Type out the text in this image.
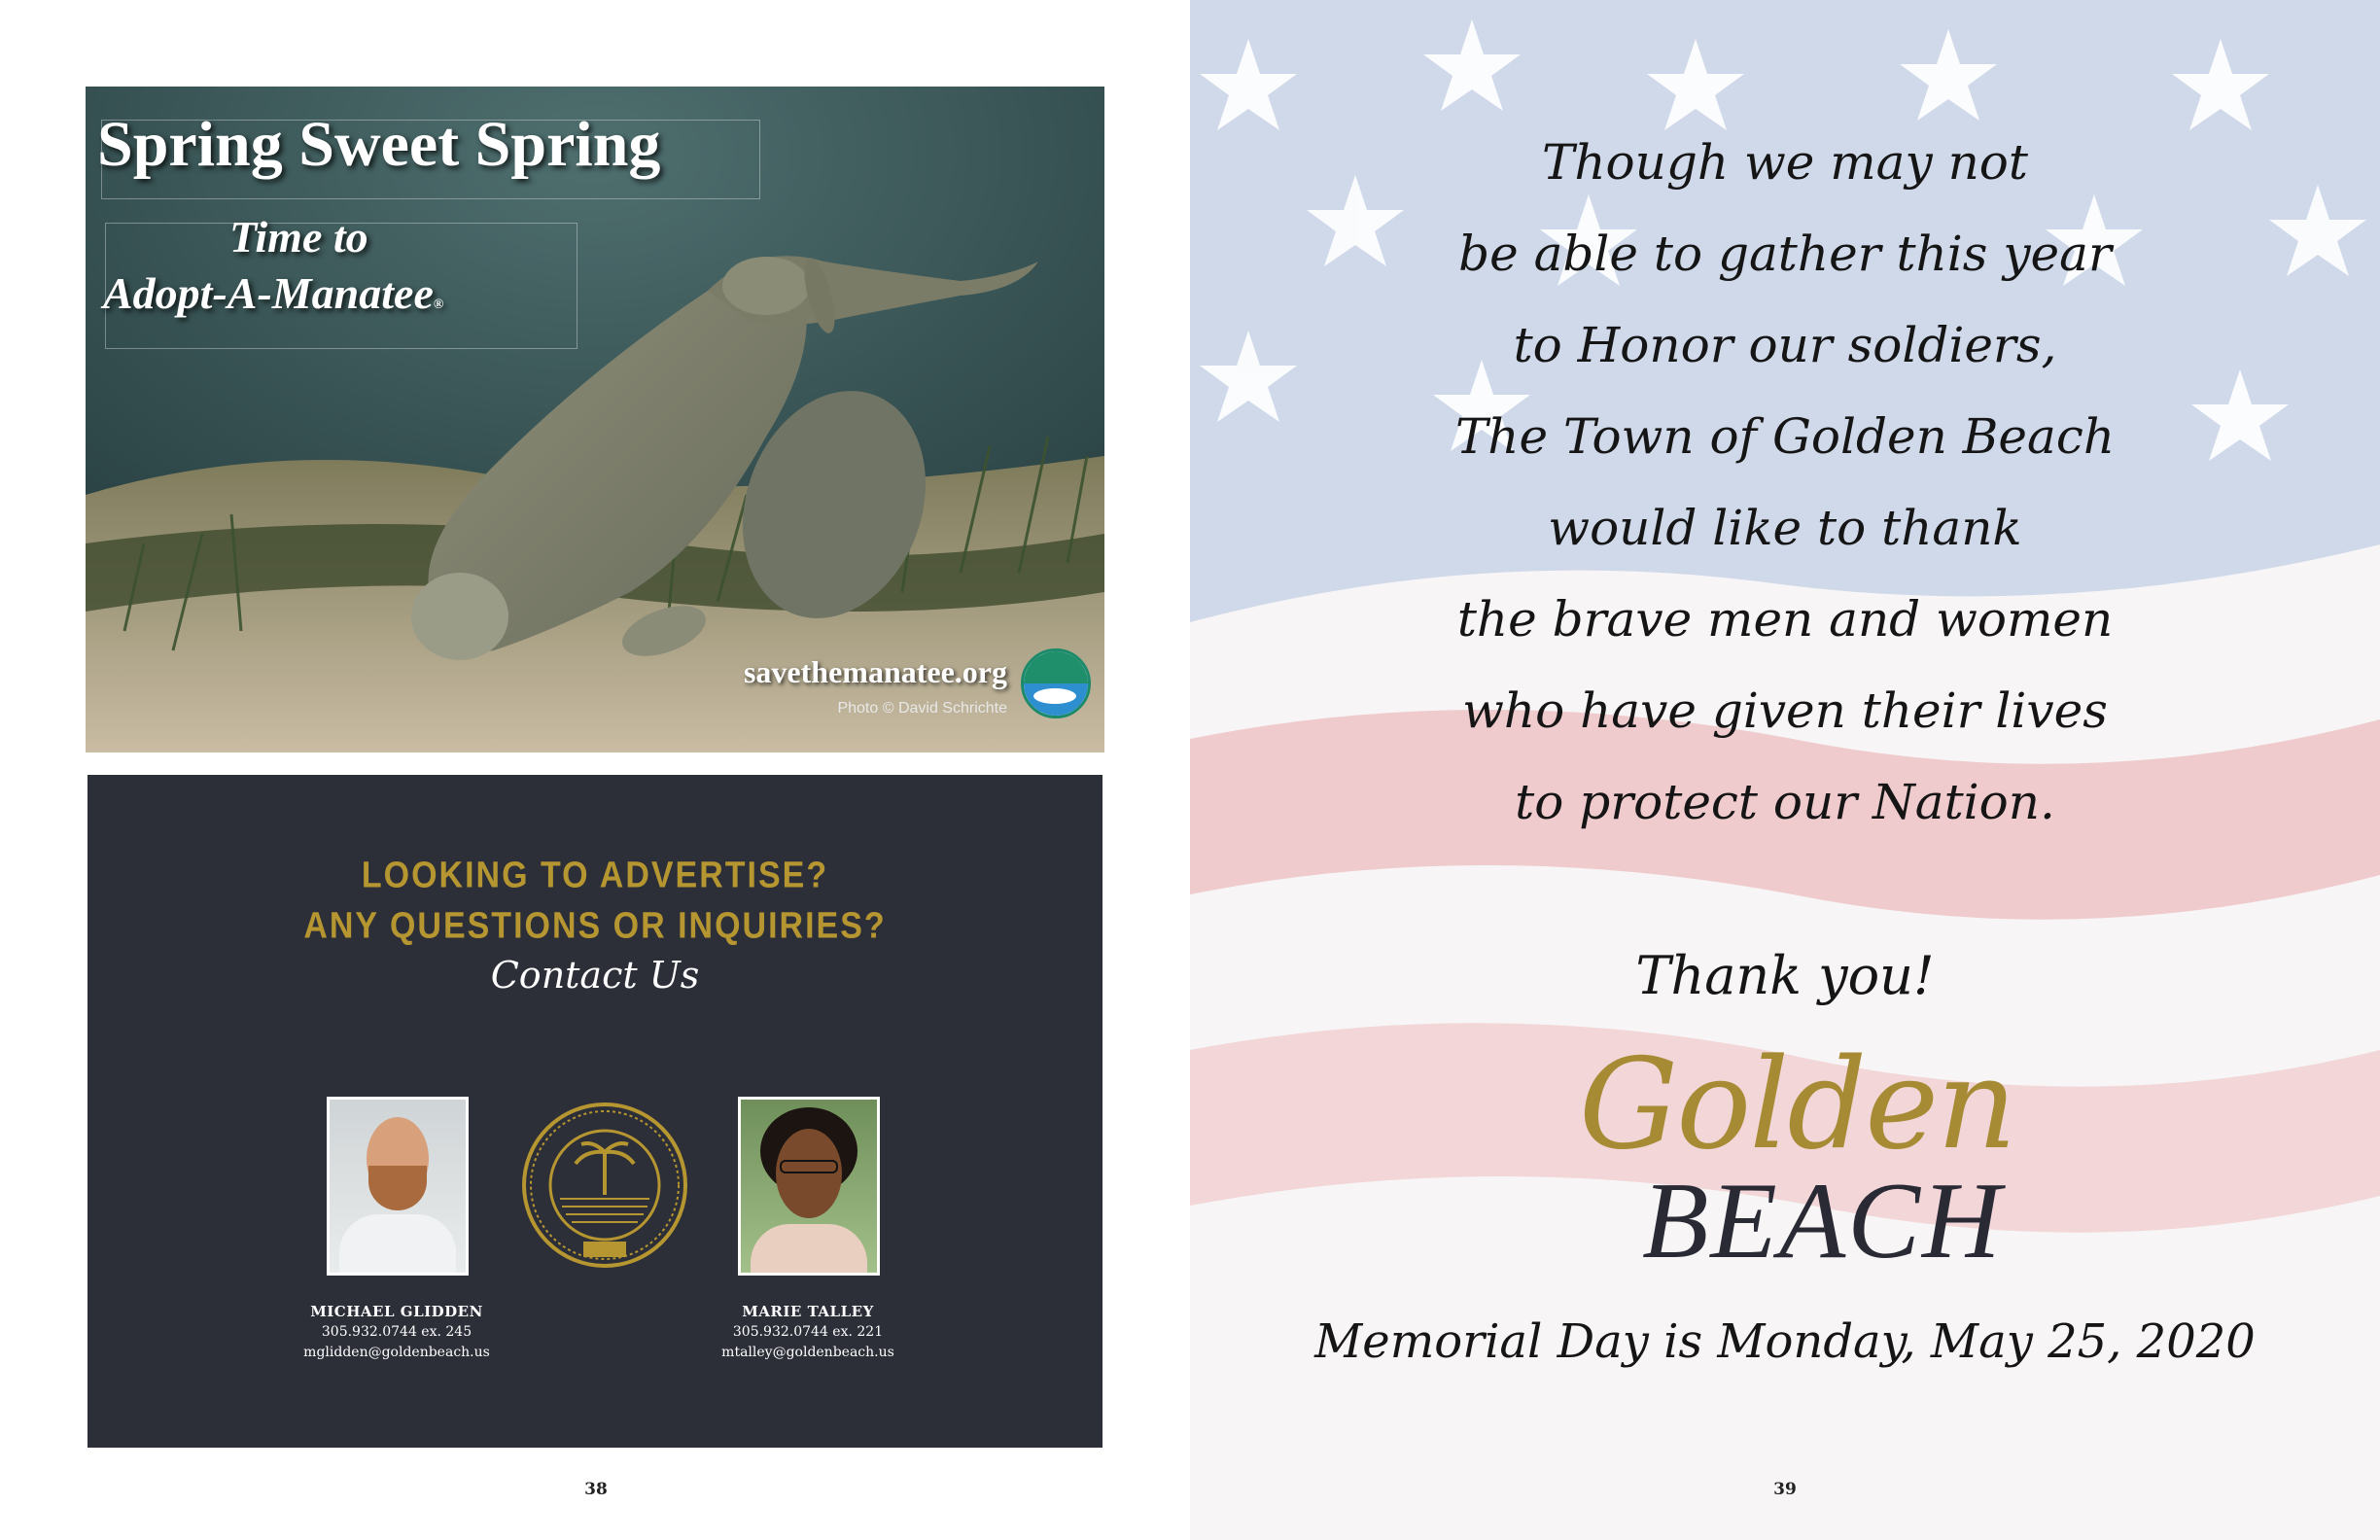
Spring Sweet Spring
Time to
Adopt-A-Manatee®
savethemanatee.org
Photo © David Schrichte
LOOKING TO ADVERTISE?
ANY QUESTIONS OR INQUIRIES?
Contact Us
MICHAEL GLIDDEN
305.932.0744 ex. 245
mglidden@goldenbeach.us
MARIE TALLEY
305.932.0744 ex. 221
mtalley@goldenbeach.us
38
Though we may not
be able to gather this year
to Honor our soldiers,
The Town of Golden Beach
would like to thank
the brave men and women
who have given their lives
to protect our Nation.
Thank you!
Golden
BEACH
Memorial Day is Monday, May 25, 2020
39
